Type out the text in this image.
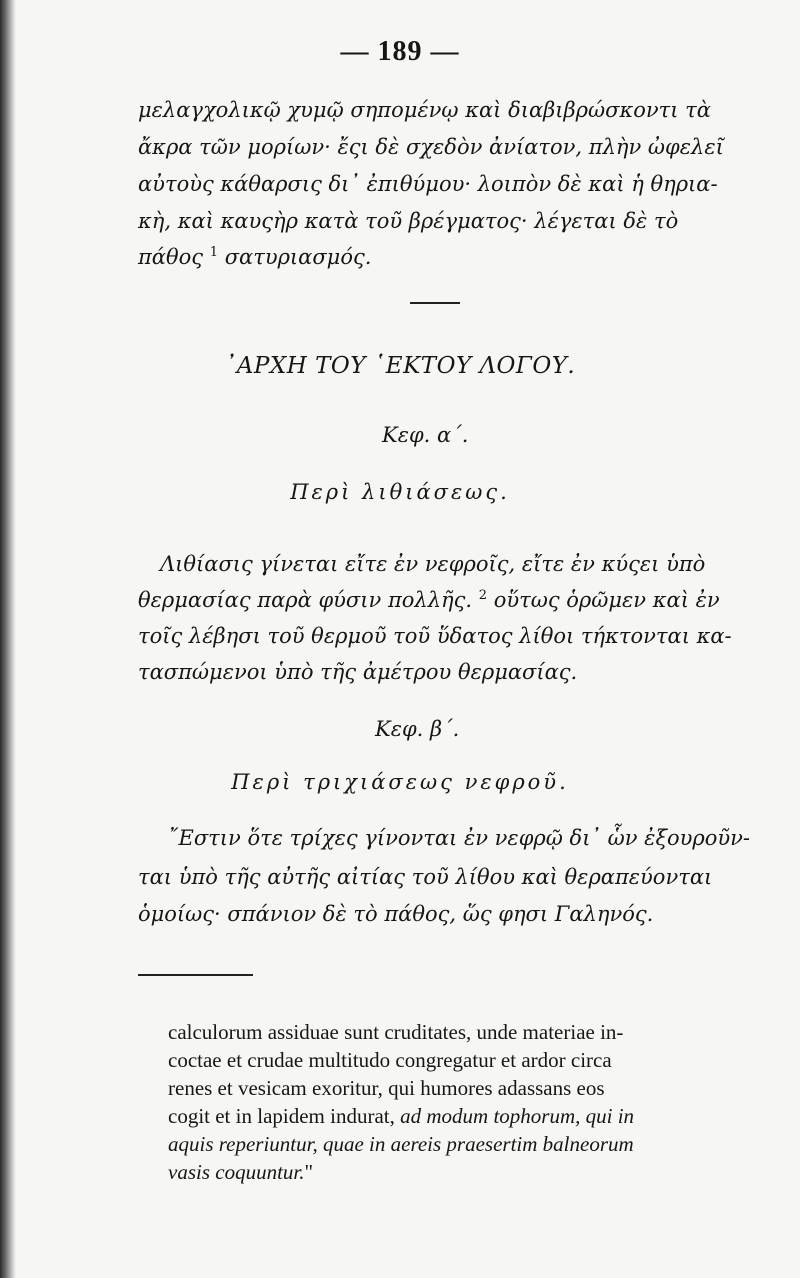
— 189 —
μελαγχολικῷ χυμῷ σηπομένῳ καὶ διαβιβρώσκοντι τὰ
ἄκρα τῶν μορίων· ἔςι δὲ σχεδὸν ἀνίατον, πλὴν ὠφελεῖ
αὐτοὺς κάθαρσις δι᾽ ἐπιθύμου· λοιπὸν δὲ καὶ ἡ θηρια-
κὴ, καὶ καυςὴρ κατὰ τοῦ βρέγματος· λέγεται δὲ τὸ
πάθος $^1$ σατυριασμός.
᾽ΑΡΧΗ ΤΟΥ ῾ΕΚΤΟΥ ΛΟΓΟΥ.
Κεφ. α΄.
Περὶ λιθιάσεως.
Λιθίασις γίνεται εἴτε ἐν νεφροῖς, εἴτε ἐν κύςει ὑπὸ
θερμασίας παρὰ φύσιν πολλῆς. $^2$ οὕτως ὁρῶμεν καὶ ἐν
τοῖς λέβησι τοῦ θερμοῦ τοῦ ὕδατος λίθοι τήκτονται κα-
τασπώμενοι ὑπὸ τῆς ἀμέτρου θερμασίας.
Κεφ. β΄.
Περὶ τριχιάσεως νεφροῦ.
῎Εστιν ὅτε τρίχες γίνονται ἐν νεφρῷ δι᾽ ὧν ἐξουροῦν-
ται ὑπὸ τῆς αὐτῆς αἰτίας τοῦ λίθου καὶ θεραπεύονται
ὁμοίως· σπάνιον δὲ τὸ πάθος, ὥς φησι Γαληνός.
calculorum assiduae sunt cruditates, unde materiae in-
coctae et crudae multitudo congregatur et ardor circa
renes et vesicam exoritur, qui humores adassans eos
cogit et in lapidem indurat, ad modum tophorum, qui in
aquis reperiuntur, quae in aereis praesertim balneorum
vasis coquuntur."
